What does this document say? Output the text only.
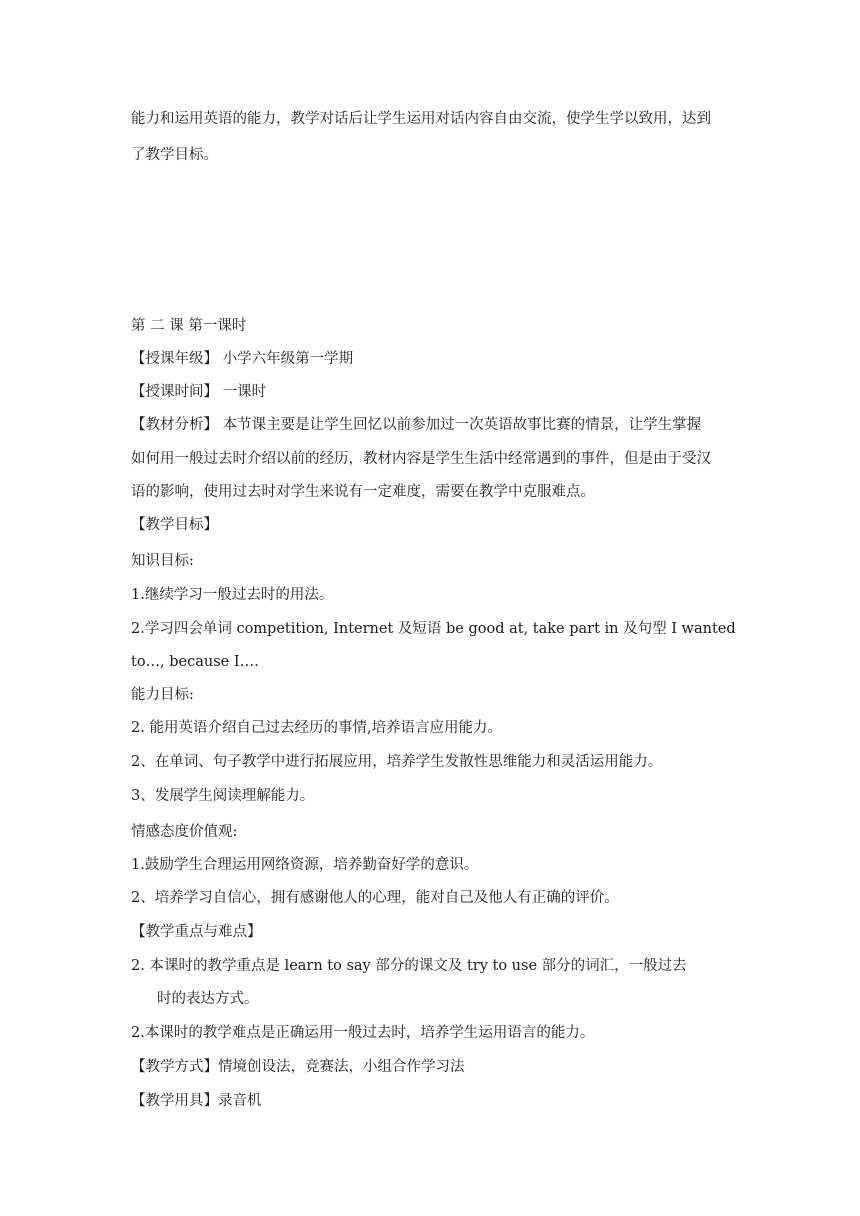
能力和运用英语的能力，教学对话后让学生运用对话内容自由交流，使学生学以致用，达到
了教学目标。
第 二 课 第一课时
【授课年级】 小学六年级第一学期
【授课时间】 一课时
【教材分析】 本节课主要是让学生回忆以前参加过一次英语故事比赛的情景，让学生掌握
如何用一般过去时介绍以前的经历，教材内容是学生生活中经常遇到的事件，但是由于受汉
语的影响，使用过去时对学生来说有一定难度，需要在教学中克服难点。
【教学目标】
知识目标:
1.继续学习一般过去时的用法。
2.学习四会单词 competition, Internet 及短语 be good at, take part in 及句型 I wanted
to…, because I….
能力目标:
2. 能用英语介绍自己过去经历的事情,培养语言应用能力。
2、在单词、句子教学中进行拓展应用，培养学生发散性思维能力和灵活运用能力。
3、发展学生阅读理解能力。
情感态度价值观:
1.鼓励学生合理运用网络资源，培养勤奋好学的意识。
2、培养学习自信心，拥有感谢他人的心理，能对自己及他人有正确的评价。
【教学重点与难点】
2. 本课时的教学重点是 learn to say 部分的课文及 try to use 部分的词汇，一般过去
时的表达方式。
2.本课时的教学难点是正确运用一般过去时，培养学生运用语言的能力。
【教学方式】情境创设法，竞赛法，小组合作学习法
【教学用具】录音机
